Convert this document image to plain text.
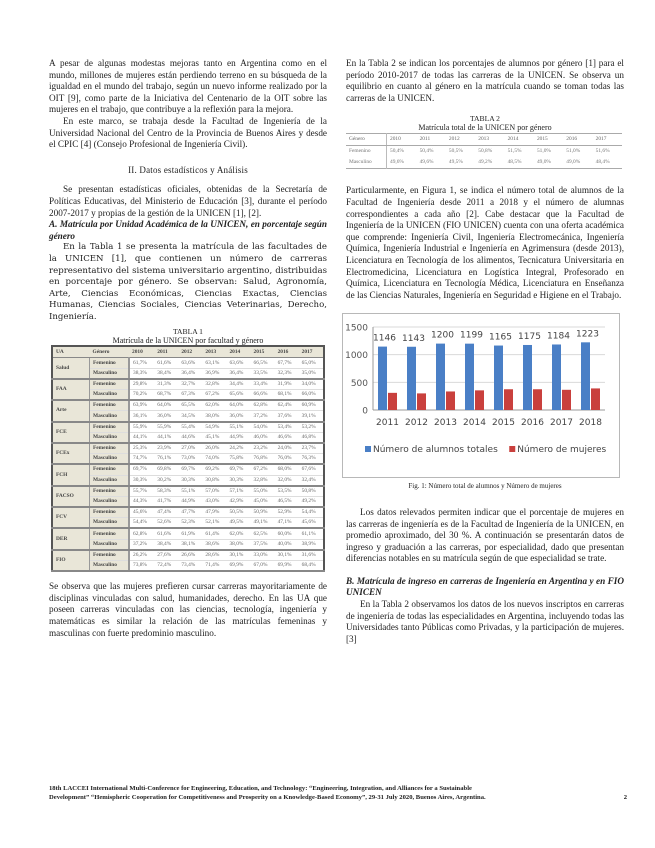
A pesar de algunas modestas mejoras tanto en Argentina como en el mundo, millones de mujeres están perdiendo terreno en su búsqueda de la igualdad en el mundo del trabajo, según un nuevo informe realizado por la OIT [9], como parte de la Iniciativa del Centenario de la OIT sobre las mujeres en el trabajo, que contribuye a la reflexión para la mejora.

En este marco, se trabaja desde la Facultad de Ingeniería de la Universidad Nacional del Centro de la Provincia de Buenos Aires y desde el CPIC [4] (Consejo Profesional de Ingeniería Civil).

II. Datos estadísticos y Análisis

Se presentan estadísticas oficiales, obtenidas de la Secretaría de Políticas Educativas, del Ministerio de Educación [3], durante el período 2007-2017 y propias de la gestión de la UNICEN [1], [2].

A. Matrícula por Unidad Académica de la UNICEN, en porcentaje según género

En la Tabla 1 se presenta la matrícula de las facultades de la UNICEN [1], que contienen un número de carreras representativo del sistema universitario argentino, distribuidas en porcentaje por género. Se observan: Salud, Agronomía, Arte, Ciencias Económicas, Ciencias Exactas, Ciencias Humanas, Ciencias Sociales, Ciencias Veterinarias, Derecho, Ingeniería.

TABLA 1
Matrícula de la UNICEN por facultad y género
UA	Género	2010	2011	2012	2013	2014	2015	2016	2017
Salud	Femenino	61,7%	61,6%	63,6%	63,1%	63,6%	66,5%	67,7%	65,0%
	Masculino	38,3%	38,4%	36,4%	36,9%	36,4%	33,5%	32,3%	35,0%
FAA	Femenino	29,8%	31,3%	32,7%	32,8%	34,4%	33,4%	31,9%	34,0%
	Masculino	70,2%	68,7%	67,3%	67,2%	65,6%	66,6%	68,1%	66,0%
Arte	Femenino	63,9%	64,0%	65,5%	62,0%	64,0%	62,8%	62,4%	60,9%
	Masculino	36,1%	36,0%	34,5%	38,0%	36,0%	37,2%	37,6%	39,1%
FCE	Femenino	55,9%	55,9%	55,4%	54,9%	55,1%	54,0%	53,4%	53,2%
	Masculino	44,1%	44,1%	44,6%	45,1%	44,9%	46,0%	46,6%	46,8%
FCEx	Femenino	25,3%	23,9%	27,0%	26,0%	24,2%	23,2%	24,0%	23,7%
	Masculino	74,7%	76,1%	73,0%	74,0%	75,8%	76,8%	76,0%	76,3%
FCH	Femenino	69,7%	69,8%	69,7%	69,2%	69,7%	67,2%	68,0%	67,6%
	Masculino	30,3%	30,2%	30,3%	30,8%	30,3%	32,8%	32,0%	32,4%
FACSO	Femenino	55,7%	58,3%	55,1%	57,0%	57,1%	55,0%	53,5%	50,8%
	Masculino	44,3%	41,7%	44,9%	43,0%	42,9%	45,0%	46,5%	49,2%
FCV	Femenino	45,6%	47,4%	47,7%	47,9%	50,5%	50,9%	52,9%	54,4%
	Masculino	54,4%	52,6%	52,3%	52,1%	49,5%	49,1%	47,1%	45,6%
DER	Femenino	62,8%	61,6%	61,9%	61,4%	62,0%	62,5%	60,0%	61,1%
	Masculino	37,2%	38,4%	38,1%	38,6%	38,0%	37,5%	40,0%	38,9%
FIO	Femenino	26,2%	27,6%	26,6%	28,6%	30,1%	33,0%	30,1%	31,6%
	Masculino	73,8%	72,4%	73,4%	71,4%	69,9%	67,0%	69,9%	68,4%

Se observa que las mujeres prefieren cursar carreras mayoritariamente de disciplinas vinculadas con salud, humanidades, derecho. En las UA que poseen carreras vinculadas con las ciencias, tecnología, ingeniería y matemáticas es similar la relación de las matrículas femeninas y masculinas con fuerte predominio masculino.

En la Tabla 2 se indican los porcentajes de alumnos por género [1] para el período 2010-2017 de todas las carreras de la UNICEN. Se observa un equilibrio en cuanto al género en la matrícula cuando se toman todas las carreras de la UNICEN.

TABLA 2
Matrícula total de la UNICEN por género
Género	2010	2011	2012	2013	2014	2015	2016	2017
Femenino	50,4%	50,4%	50,5%	50,8%	51,5%	51,0%	51,0%	51,6%
Masculino	49,6%	49,6%	49,5%	49,2%	48,5%	49,0%	49,0%	48,4%

Particularmente, en Figura 1, se indica el número total de alumnos de la Facultad de Ingeniería desde 2011 a 2018 y el número de alumnas correspondientes a cada año [2]. Cabe destacar que la Facultad de Ingeniería de la UNICEN (FIO UNICEN) cuenta con una oferta académica que comprende: Ingeniería Civil, Ingeniería Electromecánica, Ingeniería Química, Ingeniería Industrial e Ingeniería en Agrimensura (desde 2013), Licenciatura en Tecnología de los alimentos, Tecnicatura Universitaria en Electromedicina, Licenciatura en Logística Integral, Profesorado en Química, Licenciatura en Tecnología Médica, Licenciatura en Enseñanza de las Ciencias Naturales, Ingeniería en Seguridad e Higiene en el Trabajo.

0
500
1000
1500
1146
2011
1143
2012
1200
2013
1199
2014
1165
2015
1175
2016
1184
2017
1223
2018
Número de alumnos totales Número de mujeres
Fig. 1: Número total de alumnos y Número de mujeres

Los datos relevados permiten indicar que el porcentaje de mujeres en las carreras de ingeniería es de la Facultad de Ingeniería de la UNICEN, en promedio aproximado, del 30 %. A continuación se presentarán datos de ingreso y graduación a las carreras, por especialidad, dado que presentan diferencias notables en su matrícula según de que especialidad se trate.

B. Matrícula de ingreso en carreras de Ingeniería en Argentina y en FIO UNICEN

En la Tabla 2 observamos los datos de los nuevos inscriptos en carreras de ingeniería de todas las especialidades en Argentina, incluyendo todas las Universidades tanto Públicas como Privadas, y la participación de mujeres. [3]

18th LACCEI International Multi-Conference for Engineering, Education, and Technology: “Engineering, Integration, and Alliances for a Sustainable
Development” “Hemispheric Cooperation for Competitiveness and Prosperity on a Knowledge-Based Economy”, 29-31 July 2020, Buenos Aires, Argentina.	2
